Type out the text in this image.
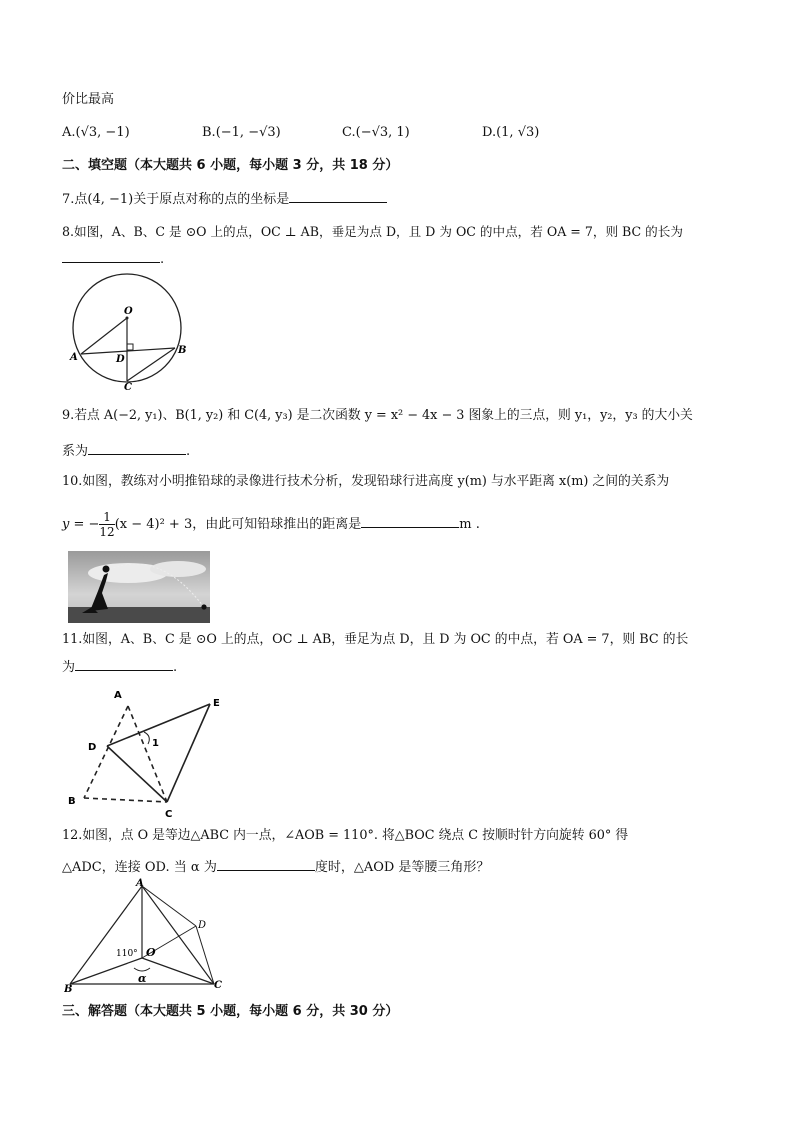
价比最高
A.(√3, −1)	B.(−1, −√3)	C.(−√3, 1)	D.(1, √3)
二、填空题（本大题共 6 小题，每小题 3 分，共 18 分）
7.点(4, −1)关于原点对称的点的坐标是
8.如图，A、B、C 是 ⊙O 上的点，OC ⊥ AB，垂足为点 D，且 D 为 OC 的中点，若 OA = 7，则 BC 的长为
.
O
A
B
D
C
9.若点 A(−2, y₁)、B(1, y₂) 和 C(4, y₃) 是二次函数 y = x² − 4x − 3 图象上的三点，则 y₁，y₂，y₃ 的大小关
系为	.
10.如图，教练对小明推铅球的录像进行技术分析，发现铅球行进高度 y(m) 与水平距离 x(m) 之间的关系为
y = − $\frac{1}{12} (x - 4)^2 + 3$，由此可知铅球推出的距离是	m .
11.如图，A、B、C 是 ⊙O 上的点，OC ⊥ AB，垂足为点 D，且 D 为 OC 的中点，若 OA = 7，则 BC 的长
为	.
A
D	1
E
B
C
12.如图，点 O 是等边△ABC 内一点，∠AOB = 110°. 将△BOC 绕点 C 按顺时针方向旋转 60° 得
△ADC，连接 OD. 当 α 为	度时，△AOD 是等腰三角形？
A
D
O
110°
α
B	C
三、解答题（本大题共 5 小题，每小题 6 分，共 30 分）
